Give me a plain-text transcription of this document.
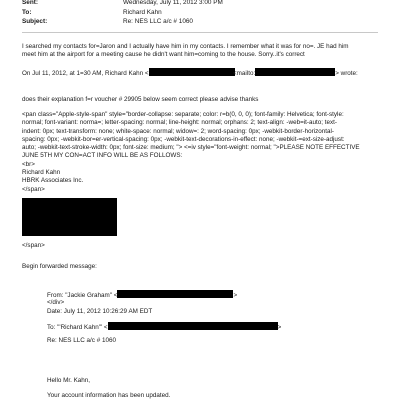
Sent:	Wednesday, July 11, 2012 3:00 PM
To:	Richard Kahn
Subject:	Re: NES LLC a/c # 1060
I searched my contacts for=Jaron and I actually have him in my contacts. I remember what it was for no=. JE had him
meet him at the airport for a meeting cause he didn't want him=coming to the house. Sorry..it's correct
On Jul 11, 2012, at 1=30 AM, Richard Kahn <	<mailto:	> wrote:
does their explanation f=r voucher # 29905 below seem correct please advise thanks
<pan class="Apple-style-span" style="border-collapse: separate; color: r=b(0, 0, 0); font-family: Helvetica; font-style:
normal; font-variant: norma=; letter-spacing: normal; line-height: normal; orphans: 2; text-align: -web=it-auto; text-
indent: 0px; text-transform: none; white-space: normal; widow=: 2; word-spacing: 0px; -webkit-border-horizontal-
spacing: 0px; -webkit-bor=er-vertical-spacing: 0px; -webkit-text-decorations-in-effect: none; -webkit-=ext-size-adjust:
auto; -webkit-text-stroke-width: 0px; font-size: medium; "> <=iv style="font-weight: normal; ">PLEASE NOTE EFFECTIVE
JUNE 5TH MY CON=ACT INFO WILL BE AS FOLLOWS:
<br>
Richard Kahn
HBRK Associates Inc.
</span>
</span>
Begin forwarded message:
From: "Jackie Graham" <	>
</div>
Date: July 11, 2012 10:26:29 AM EDT
To: "'Richard Kahn'" <	>
Re: NES LLC a/c # 1060
Hello Mr. Kahn,
Your account information has been updated.
